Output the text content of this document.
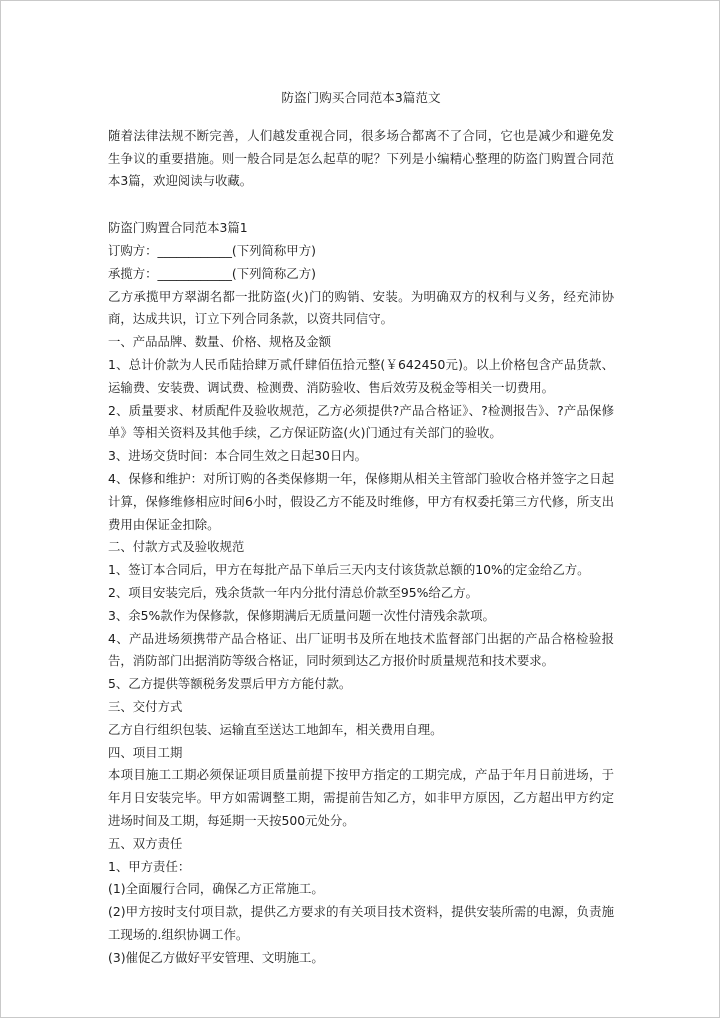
防盗门购买合同范本3篇范文

随着法律法规不断完善，人们越发重视合同，很多场合都离不了合同，它也是减少和避免发生争议的重要措施。则一般合同是怎么起草的呢？下列是小编精心整理的防盗门购置合同范本3篇，欢迎阅读与收藏。

防盗门购置合同范本3篇1

订购方：____________(下列简称甲方)

承揽方：____________(下列简称乙方)

乙方承揽甲方翠湖名都一批防盗(火)门的购销、安装。为明确双方的权利与义务，经充沛协商，达成共识，订立下列合同条款，以资共同信守。

一、产品品牌、数量、价格、规格及金额

1、总计价款为人民币陆拾肆万贰仟肆佰伍拾元整(￥642450元)。以上价格包含产品货款、运输费、安装费、调试费、检测费、消防验收、售后效劳及税金等相关一切费用。

2、质量要求、材质配件及验收规范，乙方必须提供?产品合格证》、?检测报告》、?产品保修单》等相关资料及其他手续，乙方保证防盗(火)门通过有关部门的验收。

3、进场交货时间：本合同生效之日起30日内。

4、保修和维护：对所订购的各类保修期一年，保修期从相关主管部门验收合格并签字之日起计算，保修维修相应时间6小时，假设乙方不能及时维修，甲方有权委托第三方代修，所支出费用由保证金扣除。

二、付款方式及验收规范

1、签订本合同后，甲方在每批产品下单后三天内支付该货款总额的10%的定金给乙方。

2、项目安装完后，残余货款一年内分批付清总价款至95%给乙方。

3、余5%款作为保修款，保修期满后无质量问题一次性付清残余款项。

4、产品进场须携带产品合格证、出厂证明书及所在地技术监督部门出据的产品合格检验报告，消防部门出据消防等级合格证，同时须到达乙方报价时质量规范和技术要求。

5、乙方提供等额税务发票后甲方方能付款。

三、交付方式

乙方自行组织包装、运输直至送达工地卸车，相关费用自理。

四、项目工期

本项目施工工期必须保证项目质量前提下按甲方指定的工期完成，产品于年月日前进场，于年月日安装完毕。甲方如需调整工期，需提前告知乙方，如非甲方原因，乙方超出甲方约定进场时间及工期，每延期一天按500元处分。

五、双方责任

1、甲方责任：

(1)全面履行合同，确保乙方正常施工。

(2)甲方按时支付项目款，提供乙方要求的有关项目技术资料，提供安装所需的电源，负责施工现场的.组织协调工作。

(3)催促乙方做好平安管理、文明施工。
